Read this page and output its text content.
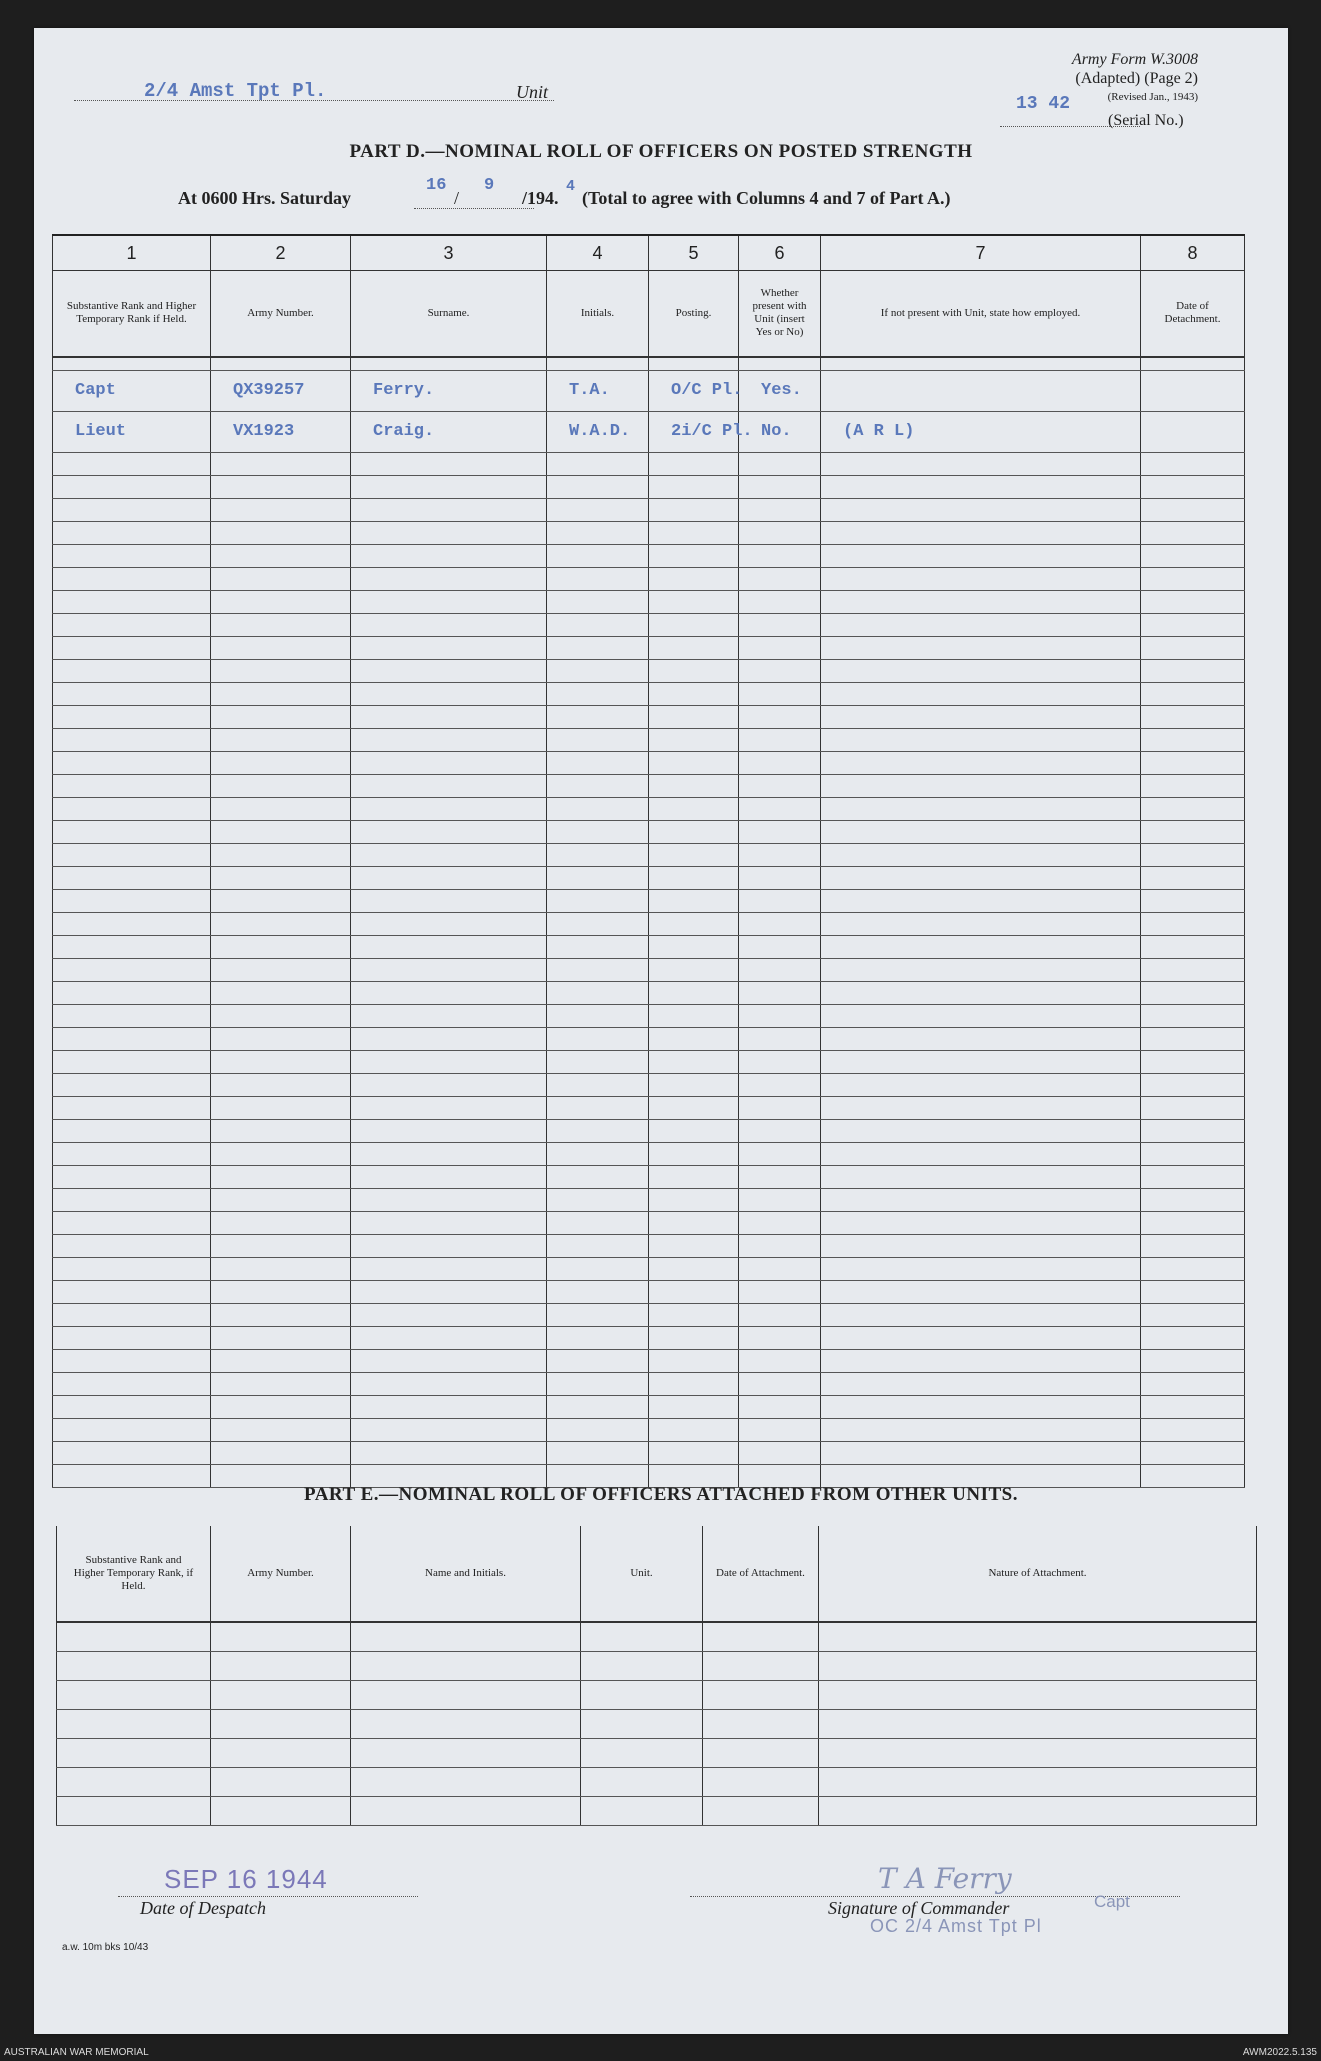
2/4 Amst Tpt Pl.	Unit
Army Form W.3008
(Adapted) (Page 2)
(Revised Jan., 1943)
13 42
(Serial No.)
PART D.—NOMINAL ROLL OF OFFICERS ON POSTED STRENGTH
At 0600 Hrs. Saturday
16
/
9
/194.
4
(Total to agree with Columns 4 and 7 of Part A.)
1	2	3	4	5	6	7	8
Substantive Rank and Higher Temporary Rank if Held.	Army Number.	Surname.	Initials.	Posting.	Whether present with Unit (insert Yes or No)	If not present with Unit, state how employed.	Date of Detachment.

Capt	QX39257	Ferry.	T.A.	O/C Pl.	Yes.		
Lieut	VX1923	Craig.	W.A.D.	2i/C Pl.	No.	(A R L)	

PART E.—NOMINAL ROLL OF OFFICERS ATTACHED FROM OTHER UNITS.
Substantive Rank and Higher Temporary Rank, if Held.	Army Number.	Name and Initials.	Unit.	Date of Attachment.	Nature of Attachment.

SEP 16 1944
Date of Despatch
T A Ferry
Signature of Commander	Capt
OC 2/4 Amst Tpt Pl
a.w. 10m bks 10/43
AUSTRALIAN WAR MEMORIAL	AWM2022.5.135
